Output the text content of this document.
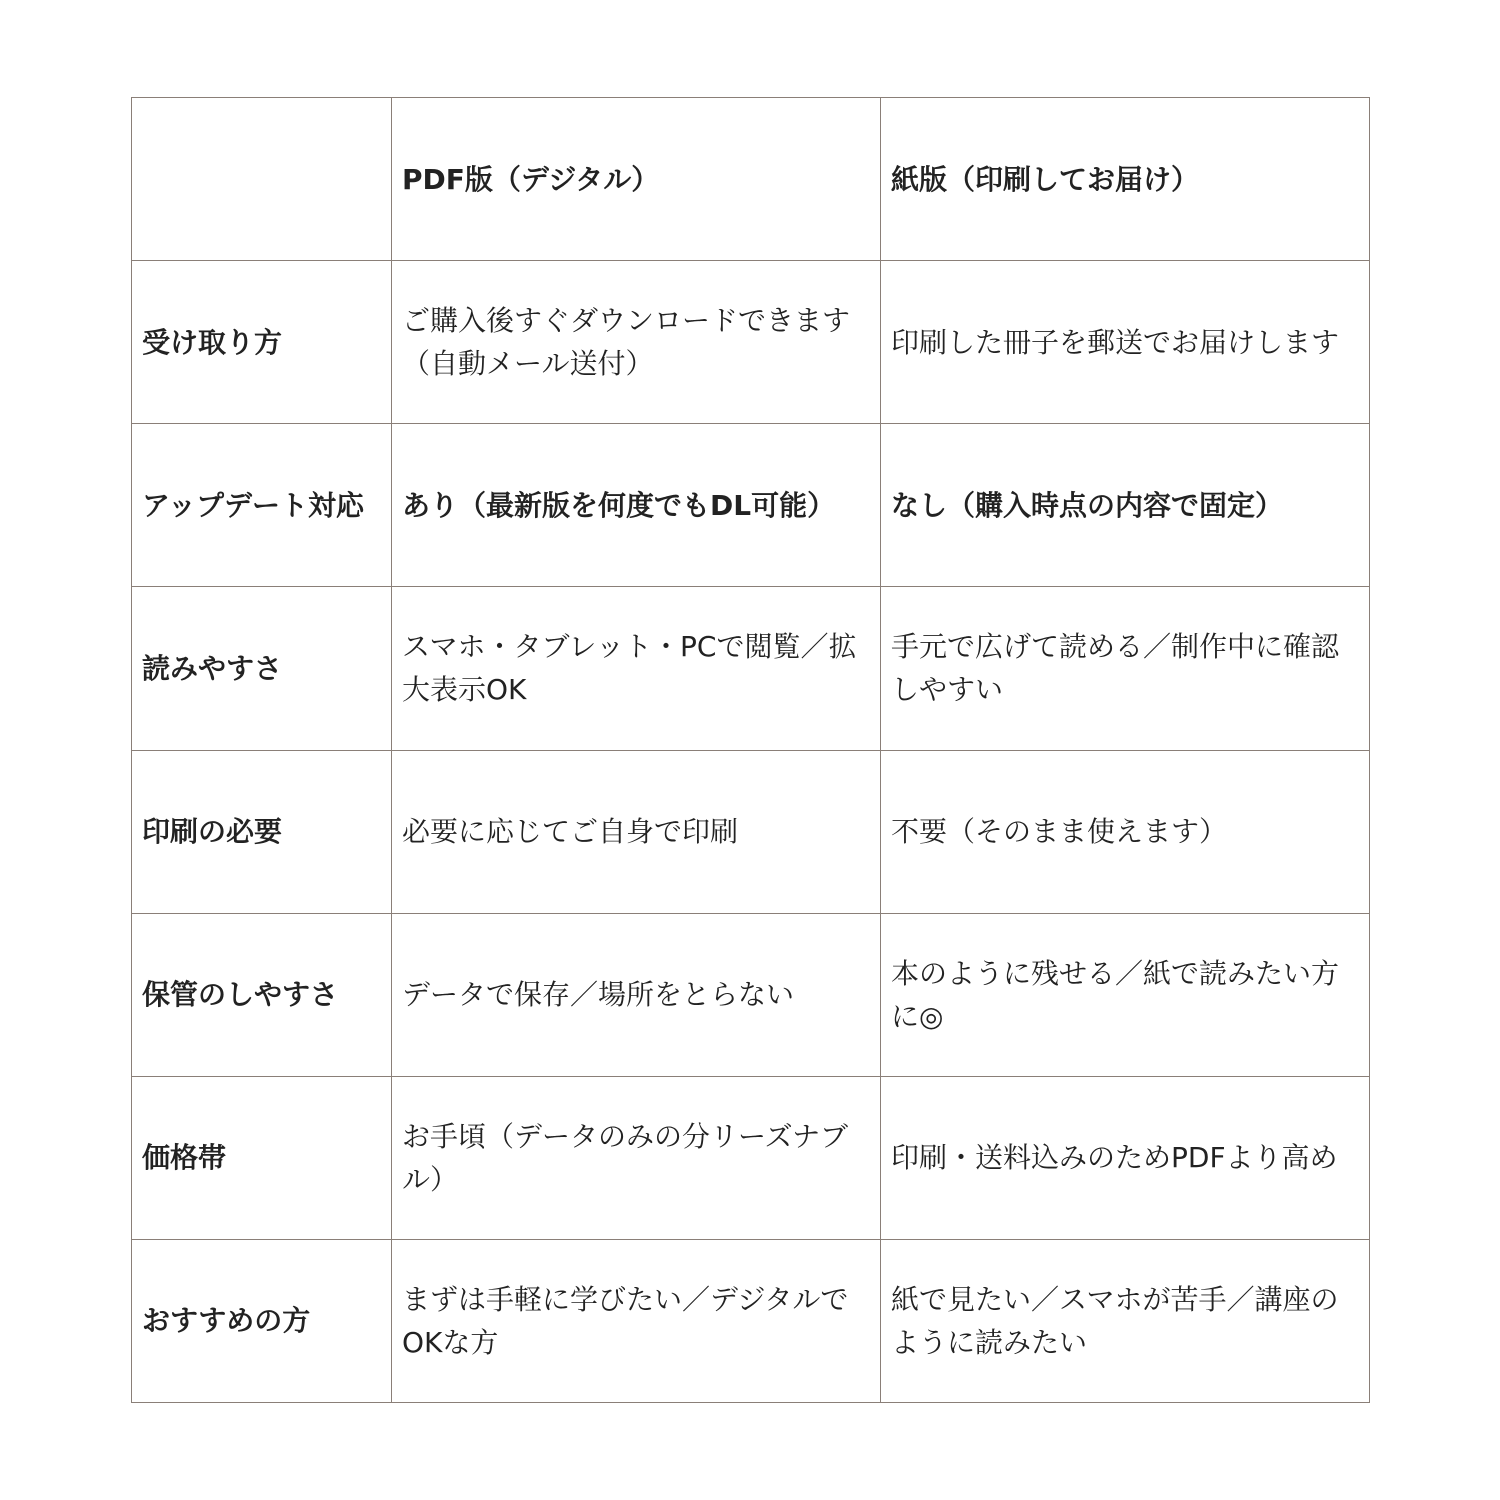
	PDF版（デジタル）	紙版（印刷してお届け）
受け取り方	ご購入後すぐダウンロードできます（自動メール送付）	印刷した冊子を郵送でお届けします
アップデート対応	あり（最新版を何度でもDL可能）	なし（購入時点の内容で固定）
読みやすさ	スマホ・タブレット・PCで閲覧／拡大表示OK	手元で広げて読める／制作中に確認しやすい
印刷の必要	必要に応じてご自身で印刷	不要（そのまま使えます）
保管のしやすさ	データで保存／場所をとらない	本のように残せる／紙で読みたい方に◎
価格帯	お手頃（データのみの分リーズナブル）	印刷・送料込みのためPDFより高め
おすすめの方	まずは手軽に学びたい／デジタルでOKな方	紙で見たい／スマホが苦手／講座のように読みたい
